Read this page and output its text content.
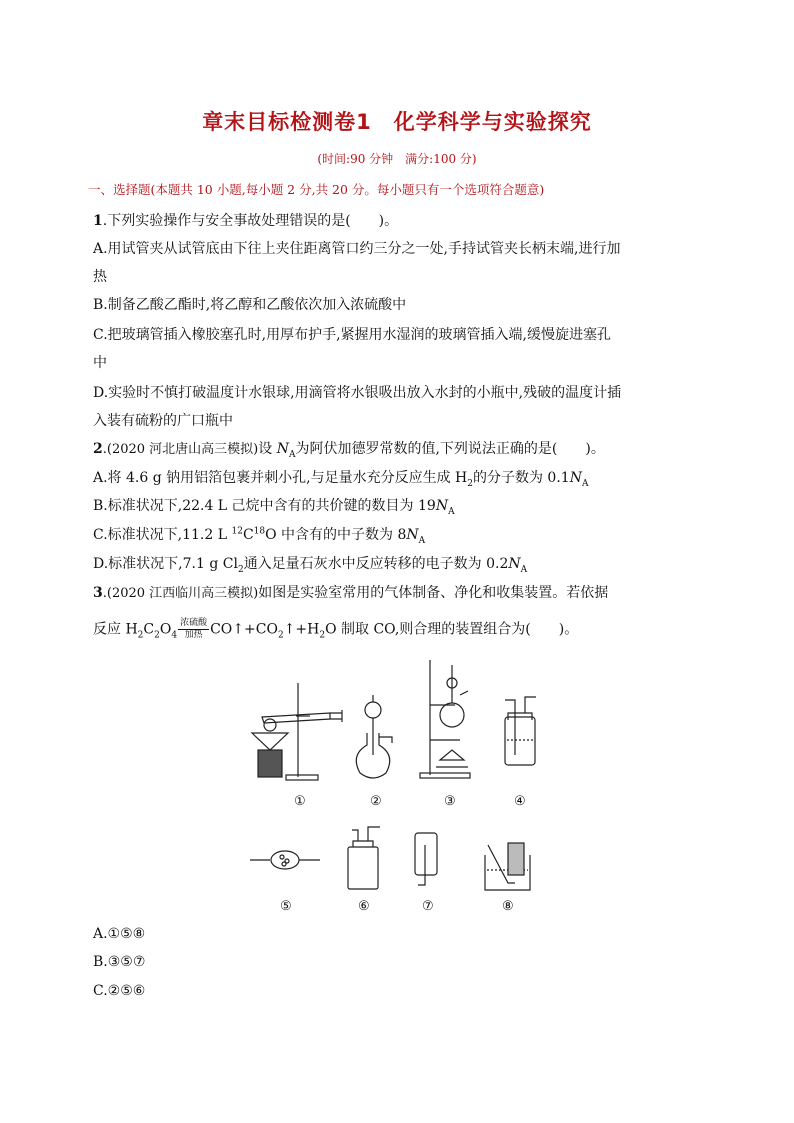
章末目标检测卷1　化学科学与实验探究
(时间:90 分钟　满分:100 分)
一、选择题(本题共 10 小题,每小题 2 分,共 20 分。每小题只有一个选项符合题意)
1.下列实验操作与安全事故处理错误的是(　　)。
A.用试管夹从试管底由下往上夹住距离管口约三分之一处,手持试管夹长柄末端,进行加
热
B.制备乙酸乙酯时,将乙醇和乙酸依次加入浓硫酸中
C.把玻璃管插入橡胶塞孔时,用厚布护手,紧握用水湿润的玻璃管插入端,缓慢旋进塞孔
中
D.实验时不慎打破温度计水银球,用滴管将水银吸出放入水封的小瓶中,残破的温度计插
入装有硫粉的广口瓶中
2.(2020 河北唐山高三模拟)设 $N_A$为阿伏加德罗常数的值,下列说法正确的是(　　)。
A.将 4.6 g 钠用铝箔包裹并刺小孔,与足量水充分反应生成 $H_2$的分子数为 $0.1N_A$
B.标准状况下,22.4 L 己烷中含有的共价键的数目为 $19N_A$
C.标准状况下,11.2 L $^{12}C^{18}O$ 中含有的中子数为 $8N_A$
D.标准状况下,7.1 g $Cl_2$通入足量石灰水中反应转移的电子数为 $0.2N_A$
3.(2020 江西临川高三模拟)如图是实验室常用的气体制备、净化和收集装置。若依据
反应 $H_2C_2O_4 \frac{\text{浓硫酸}}{\text{加热}}$ $CO↑+CO_2↑+H_2O$ 制取 CO,则合理的装置组合为(　　)。
①	②	③	④
⑤	⑥	⑦	⑧
A.①⑤⑧
B.③⑤⑦
C.②⑤⑥
